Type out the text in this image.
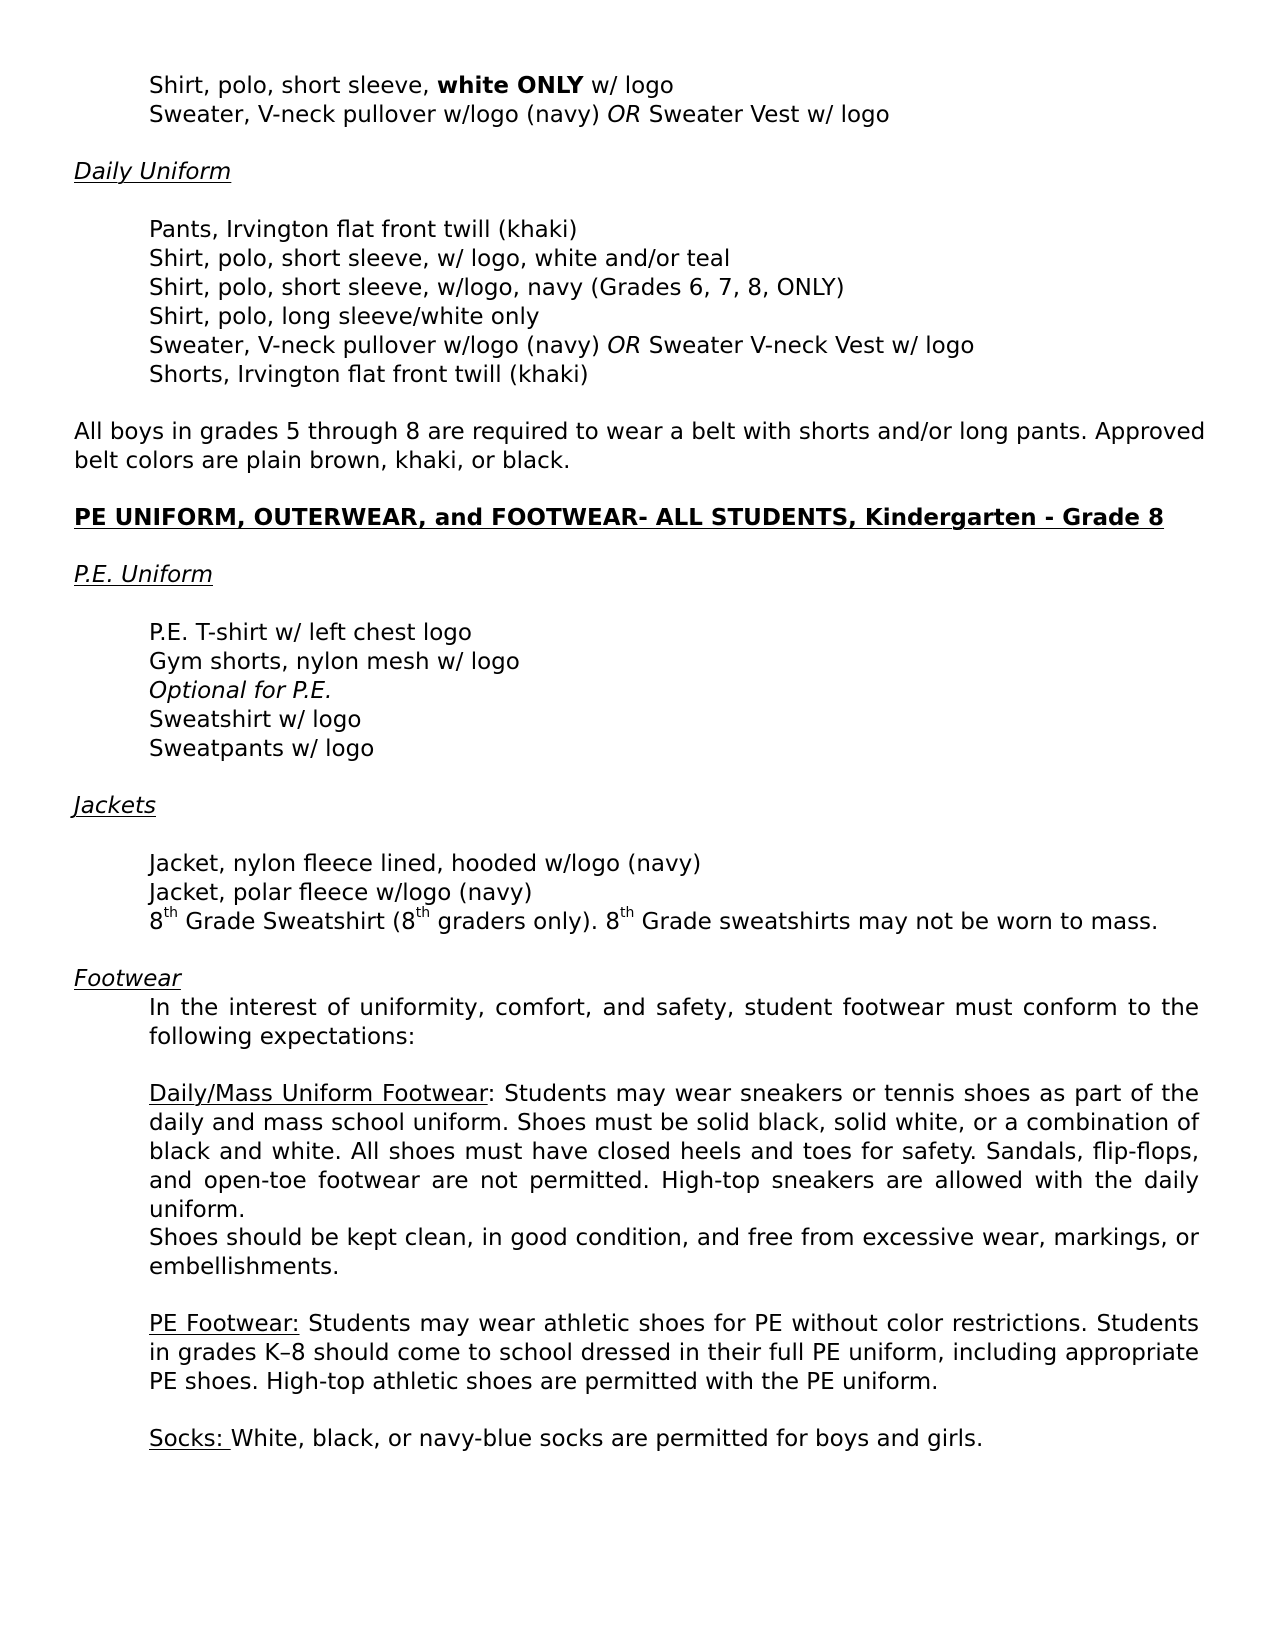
Shirt, polo, short sleeve, white ONLY w/ logo
Sweater, V-neck pullover w/logo (navy) OR Sweater Vest w/ logo
Daily Uniform
Pants, Irvington flat front twill (khaki)
Shirt, polo, short sleeve, w/ logo, white and/or teal
Shirt, polo, short sleeve, w/logo, navy (Grades 6, 7, 8, ONLY)
Shirt, polo, long sleeve/white only
Sweater, V-neck pullover w/logo (navy) OR Sweater V-neck Vest w/ logo
Shorts, Irvington flat front twill (khaki)
All boys in grades 5 through 8 are required to wear a belt with shorts and/or long pants. Approved
belt colors are plain brown, khaki, or black.
PE UNIFORM, OUTERWEAR, and FOOTWEAR- ALL STUDENTS, Kindergarten - Grade 8
P.E. Uniform
P.E. T-shirt w/ left chest logo
Gym shorts, nylon mesh w/ logo
Optional for P.E.
Sweatshirt w/ logo
Sweatpants w/ logo
Jackets
Jacket, nylon fleece lined, hooded w/logo (navy)
Jacket, polar fleece w/logo (navy)
8th Grade Sweatshirt (8th graders only). 8th Grade sweatshirts may not be worn to mass.
Footwear
In the interest of uniformity, comfort, and safety, student footwear must conform to the following expectations:
Daily/Mass Uniform Footwear: Students may wear sneakers or tennis shoes as part of the daily and mass school uniform. Shoes must be solid black, solid white, or a combination of black and white. All shoes must have closed heels and toes for safety. Sandals, flip-flops, and open-toe footwear are not permitted. High-top sneakers are allowed with the daily uniform.
Shoes should be kept clean, in good condition, and free from excessive wear, markings, or embellishments.
PE Footwear: Students may wear athletic shoes for PE without color restrictions. Students in grades K–8 should come to school dressed in their full PE uniform, including appropriate PE shoes. High-top athletic shoes are permitted with the PE uniform.
Socks: White, black, or navy-blue socks are permitted for boys and girls.
